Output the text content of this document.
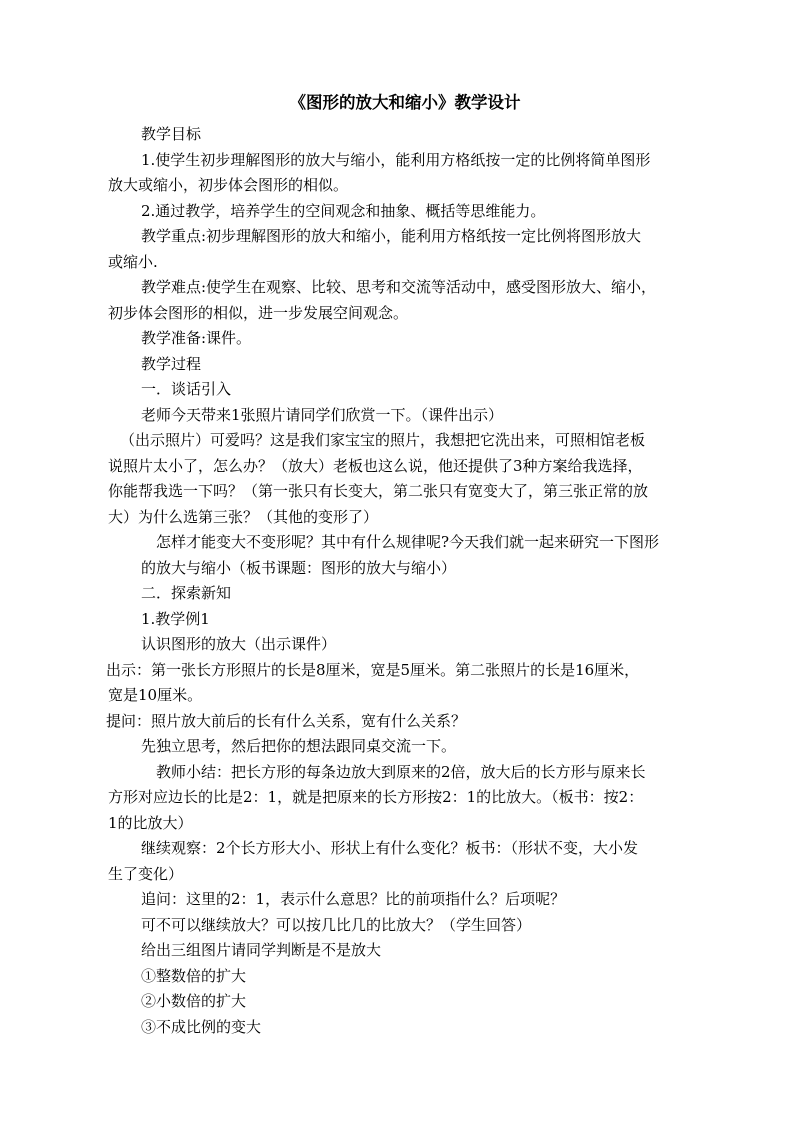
《图形的放大和缩小》教学设计

教学目标

1.使学生初步理解图形的放大与缩小，能利用方格纸按一定的比例将简单图形

放大或缩小，初步体会图形的相似。

2.通过教学，培养学生的空间观念和抽象、概括等思维能力。

教学重点:初步理解图形的放大和缩小，能利用方格纸按一定比例将图形放大

或缩小.

教学难点:使学生在观察、比较、思考和交流等活动中，感受图形放大、缩小，

初步体会图形的相似，进一步发展空间观念。

教学准备:课件。

教学过程

一．谈话引入

老师今天带来1张照片请同学们欣赏一下。（课件出示）

（出示照片）可爱吗？这是我们家宝宝的照片，我想把它洗出来，可照相馆老板

说照片太小了，怎么办？（放大）老板也这么说，他还提供了3种方案给我选择，

你能帮我选一下吗？（第一张只有长变大，第二张只有宽变大了，第三张正常的放

大）为什么选第三张？（其他的变形了）

怎样才能变大不变形呢？其中有什么规律呢?今天我们就一起来研究一下图形

的放大与缩小（板书课题：图形的放大与缩小）

二．探索新知

1.教学例1

认识图形的放大（出示课件）

出示：第一张长方形照片的长是8厘米，宽是5厘米。第二张照片的长是16厘米，

宽是10厘米。

提问：照片放大前后的长有什么关系，宽有什么关系？

先独立思考，然后把你的想法跟同桌交流一下。

教师小结：把长方形的每条边放大到原来的2倍，放大后的长方形与原来长

方形对应边长的比是2：1，就是把原来的长方形按2：1的比放大。（板书：按2：

1的比放大）

继续观察：2个长方形大小、形状上有什么变化？板书：（形状不变，大小发

生了变化）

追问：这里的2：1，表示什么意思？比的前项指什么？后项呢？

可不可以继续放大？可以按几比几的比放大？（学生回答）

给出三组图片请同学判断是不是放大

①整数倍的扩大

②小数倍的扩大

③不成比例的变大
